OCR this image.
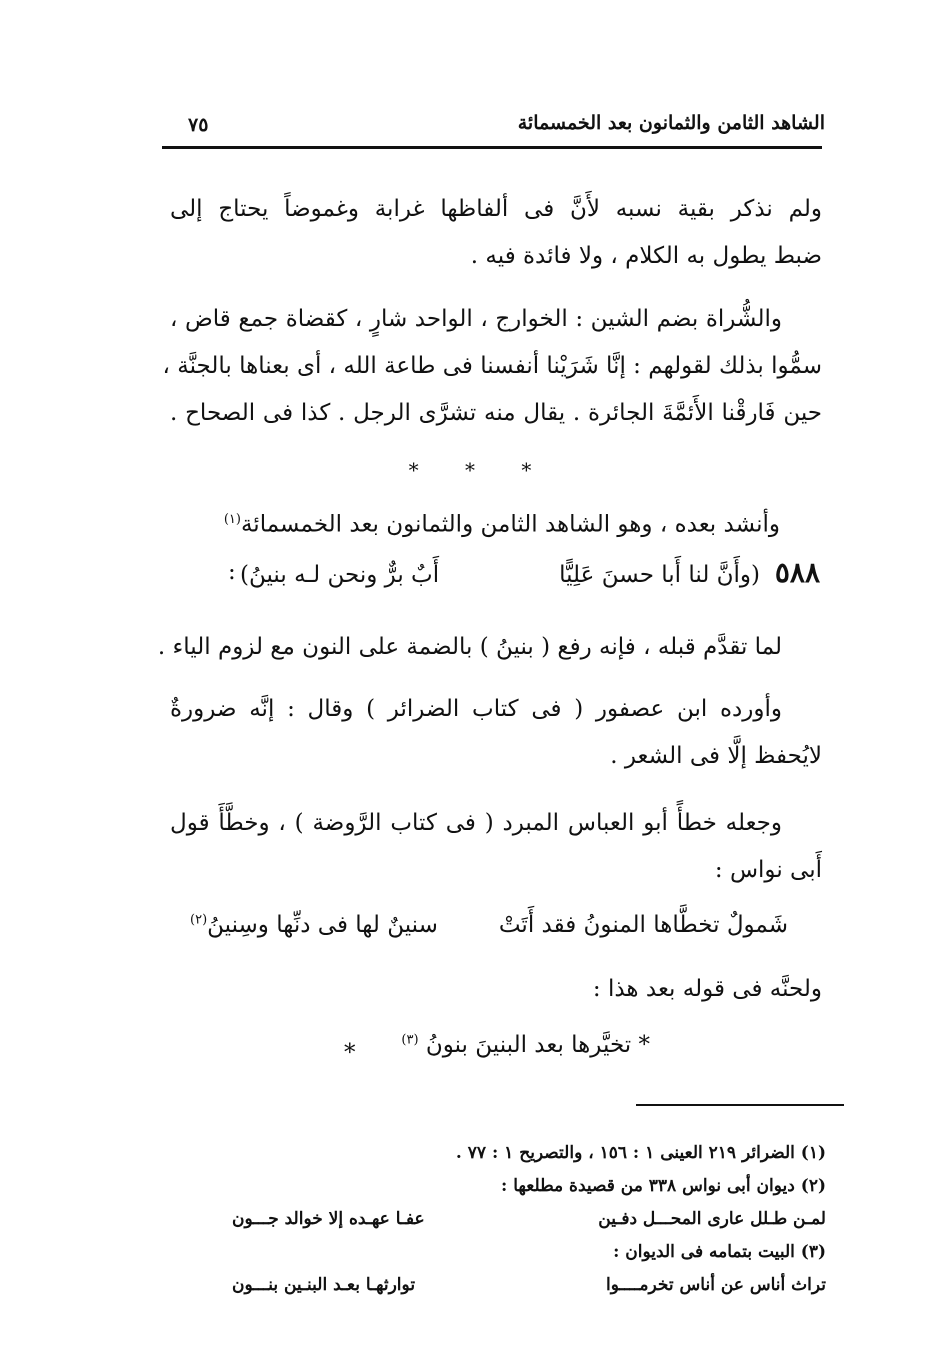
الشاهد الثامن والثمانون بعد الخمسمائة
٧٥
ولم نذكر بقية نسبه لأَنَّ فى ألفاظها غرابة وغموضاً يحتاج إلى
ضبط يطول به الكلام ، ولا فائدة فيه .
والشُّراة بضم الشين : الخوارج ، الواحد شارٍ ، كقضاة جمع قاض ،
سمُّوا بذلك لقولهم : إنَّا شَرَيْنا أنفسنا فى طاعة الله ، أى بعناها بالجنَّة ،
حين فَارقْنا الأَئمَّةَ الجائرة . يقال منه تشرَّى الرجل . كذا فى الصحاح .
* * *
وأنشد بعده ، وهو الشاهد الثامن والثمانون بعد الخمسمائة$^{(١)}$
:	٥٨٨
(وأَنَّ لنا أَبا حسنَ عَلِيًّا
أَبٌ برٌّ ونحن لـه بنينُ)
لما تقدَّم قبله ، فإنه رفع ( بنينُ ) بالضمة على النون مع لزوم الياء .
وأورده ابن عصفور ( فى كتاب الضرائر ) وقال : إنَّه ضرورةٌ
لايُحفظ إلَّا فى الشعر .
وجعله خطأً أبو العباس المبرد ( فى كتاب الرَّوضة ) ، وخطَّأَ قول
أَبى نواس :
شَمولٌ تخطَّاها المنونُ فقد أَتَتْ
سنينٌ لها فى دنِّها وسِنينُ$^{(٢)}$
ولحنَّه فى قوله بعد هذا :
* تخيَّرها بعد البنينَ بنونُ $^{(٣)}$
*
(١) الضرائر ٢١٩ العينى ١ : ١٥٦ ، والتصريح ١ : ٧٧ .
(٢) ديوان أبى نواس ٣٣٨ من قصيدة مطلعها :
لمـن طـلل عارى المحـــل دفـين
عفـا عهـده إلا خوالد جـــون
(٣) البيت بتمامه فى الديوان :
تراث أناس عن أناس تخرمــــوا
توارثهـا بعـد البنـين بنـــون
